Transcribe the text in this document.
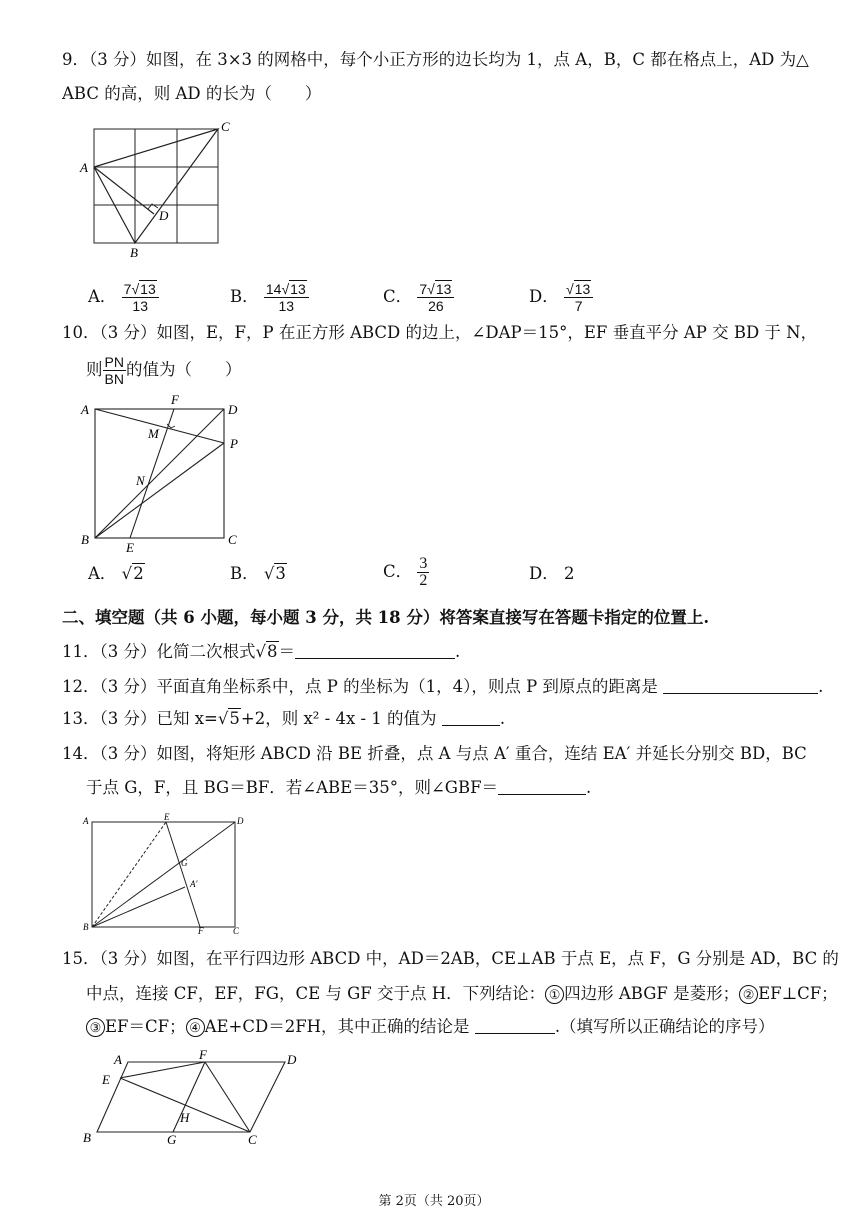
9．（3 分）如图，在 3×3 的网格中，每个小正方形的边长均为 1，点 A，B，C 都在格点上，AD 为△
ABC 的高，则 AD 的长为（　　）
A
B
C
D
A． $\frac{7√13}{13}$	B． $\frac{14√13}{13}$	C． $\frac{7√13}{26}$	D． $\frac{√13}{7}$
10．（3 分）如图，E，F，P 在正方形 ABCD 的边上，∠DAP＝15°，EF 垂直平分 AP 交 BD 于 N，
则 $\frac{PN}{BN}$ 的值为（　　）
A	D
F
M
P
N
B
E
C
A． √2	B． √3	C． $\frac{3}{2}$	D． 2
二、填空题（共 6 小题，每小题 3 分，共 18 分）将答案直接写在答题卡指定的位置上.
11．（3 分）化简二次根式√8＝	.
12．（3 分）平面直角坐标系中，点 P 的坐标为（1，4），则点 P 到原点的距离是	.
13．（3 分）已知 x=√5+2，则 x² - 4x - 1 的值为	.
14．（3 分）如图，将矩形 ABCD 沿 BE 折叠，点 A 与点 A′ 重合，连结 EA′ 并延长分别交 BD，BC
于点 G，F，且 BG＝BF．若∠ABE＝35°，则∠GBF＝	.
A	E	D
G
A′
B	F	C
15．（3 分）如图，在平行四边形 ABCD 中，AD＝2AB，CE⊥AB 于点 E，点 F，G 分别是 AD，BC 的
中点，连接 CF，EF，FG，CE 与 GF 交于点 H．下列结论： ① 四边形 ABGF 是菱形； ② EF⊥CF；
③ EF＝CF； ④ AE+CD＝2FH，其中正确的结论是	.（填写所以正确结论的序号）
A	F	D
E
H
B	G	C
第 2页（共 20页）
